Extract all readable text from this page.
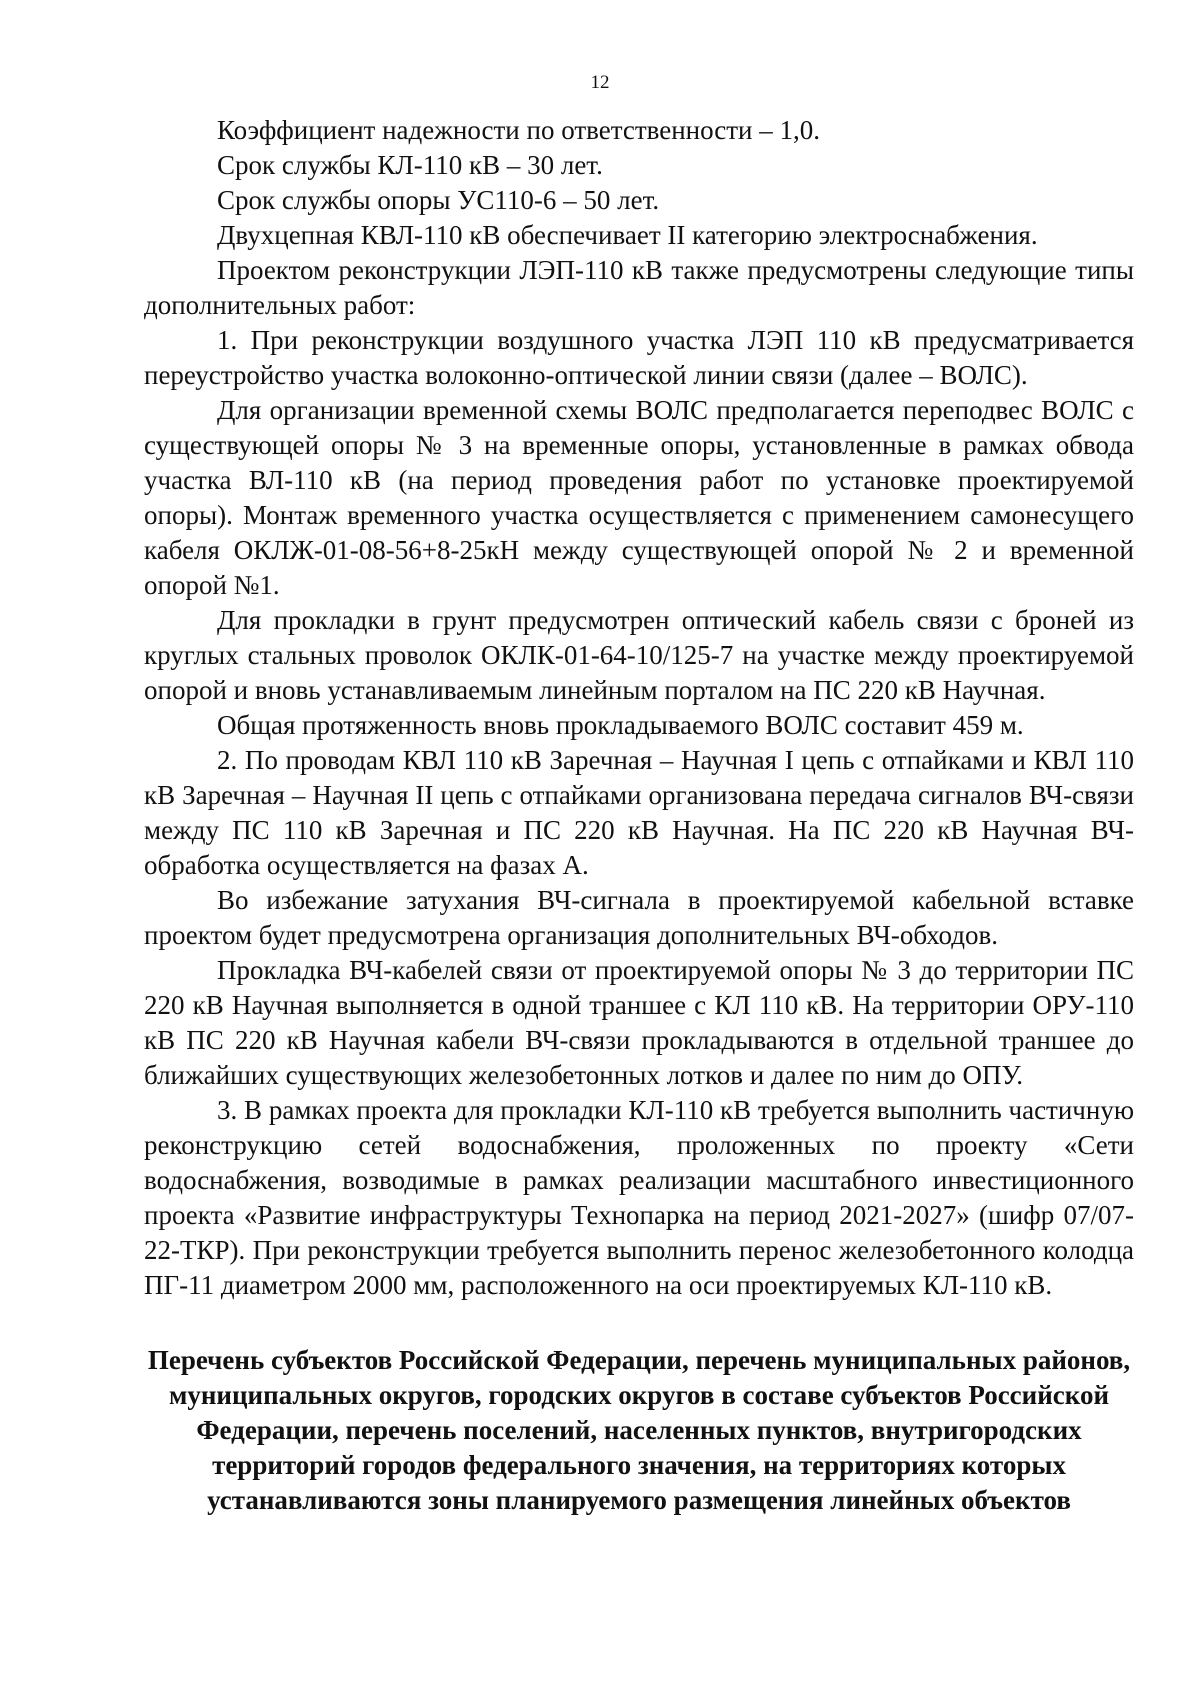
12

Коэффициент надежности по ответственности – 1,0.

Срок службы КЛ-110 кВ – 30 лет.

Срок службы опоры УС110-6 – 50 лет.

Двухцепная КВЛ-110 кВ обеспечивает II категорию электроснабжения.

Проектом реконструкции ЛЭП-110 кВ также предусмотрены следующие типы дополнительных работ:

1. При реконструкции воздушного участка ЛЭП 110 кВ предусматривается переустройство участка волоконно-оптической линии связи (далее – ВОЛС).

Для организации временной схемы ВОЛС предполагается переподвес ВОЛС с существующей опоры № 3 на временные опоры, установленные в рамках обвода участка ВЛ-110 кВ (на период проведения работ по установке проектируемой опоры). Монтаж временного участка осуществляется с применением самонесущего кабеля ОКЛЖ-01-08-56+8-25кН между существующей опорой № 2 и временной опорой №1.

Для прокладки в грунт предусмотрен оптический кабель связи с броней из круглых стальных проволок ОКЛК-01-64-10/125-7 на участке между проектируемой опорой и вновь устанавливаемым линейным порталом на ПС 220 кВ Научная.

Общая протяженность вновь прокладываемого ВОЛС составит 459 м.

2. По проводам КВЛ 110 кВ Заречная – Научная I цепь с отпайками и КВЛ 110 кВ Заречная – Научная II цепь с отпайками организована передача сигналов ВЧ-связи между ПС 110 кВ Заречная и ПС 220 кВ Научная. На ПС 220 кВ Научная ВЧ-обработка осуществляется на фазах А.

Во избежание затухания ВЧ-сигнала в проектируемой кабельной вставке проектом будет предусмотрена организация дополнительных ВЧ-обходов.

Прокладка ВЧ-кабелей связи от проектируемой опоры № 3 до территории ПС 220 кВ Научная выполняется в одной траншее с КЛ 110 кВ. На территории ОРУ-110 кВ ПС 220 кВ Научная кабели ВЧ-связи прокладываются в отдельной траншее до ближайших существующих железобетонных лотков и далее по ним до ОПУ.

3. В рамках проекта для прокладки КЛ-110 кВ требуется выполнить частичную реконструкцию сетей водоснабжения, проложенных по проекту «Сети водоснабжения, возводимые в рамках реализации масштабного инвестиционного проекта «Развитие инфраструктуры Технопарка на период 2021-2027» (шифр 07/07-22-ТКР). При реконструкции требуется выполнить перенос железобетонного колодца ПГ-11 диаметром 2000 мм, расположенного на оси проектируемых КЛ-110 кВ.

Перечень субъектов Российской Федерации, перечень муниципальных районов, муниципальных округов, городских округов в составе субъектов Российской Федерации, перечень поселений, населенных пунктов, внутригородских территорий городов федерального значения, на территориях которых устанавливаются зоны планируемого размещения линейных объектов
